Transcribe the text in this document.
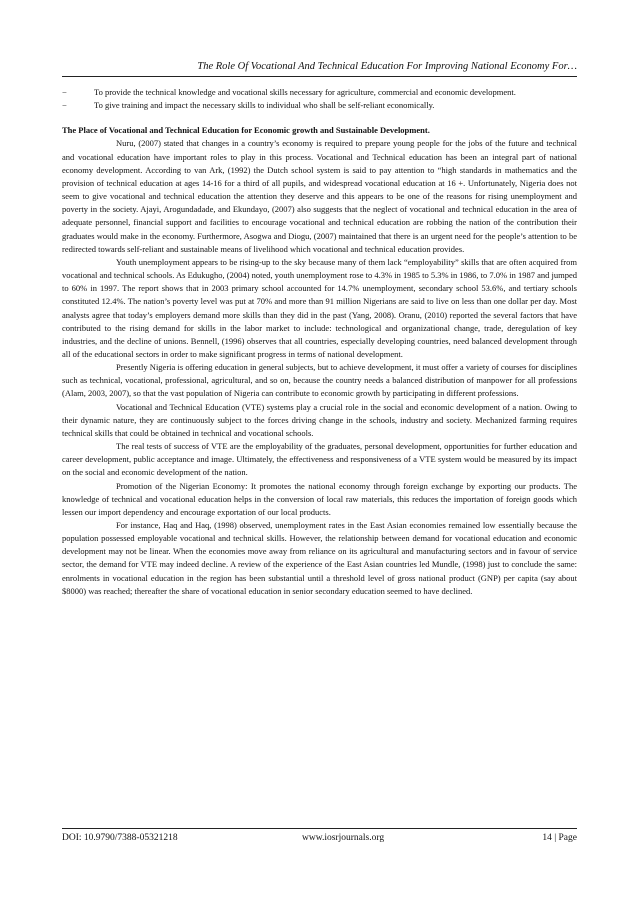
The Role Of Vocational And Technical Education For Improving National Economy For…
−	To provide the technical knowledge and vocational skills necessary for agriculture, commercial and economic development.
−	To give training and impact the necessary skills to individual who shall be self-reliant economically.
The Place of Vocational and Technical Education for Economic growth and Sustainable Development.

Nuru, (2007) stated that changes in a country’s economy is required to prepare young people for the jobs of the future and technical and vocational education have important roles to play in this process. Vocational and Technical education has been an integral part of national economy development. According to van Ark, (1992) the Dutch school system is said to pay attention to “high standards in mathematics and the provision of technical education at ages 14-16 for a third of all pupils, and widespread vocational education at 16 +. Unfortunately, Nigeria does not seem to give vocational and technical education the attention they deserve and this appears to be one of the reasons for rising unemployment and poverty in the society. Ajayi, Arogundadade, and Ekundayo, (2007) also suggests that the neglect of vocational and technical education in the area of adequate personnel, financial support and facilities to encourage vocational and technical education are robbing the nation of the contribution their graduates would make in the economy. Furthermore, Asogwa and Diogu, (2007) maintained that there is an urgent need for the people’s attention to be redirected towards self-reliant and sustainable means of livelihood which vocational and technical education provides.

Youth unemployment appears to be rising-up to the sky because many of them lack “employability” skills that are often acquired from vocational and technical schools. As Edukugho, (2004) noted, youth unemployment rose to 4.3% in 1985 to 5.3% in 1986, to 7.0% in 1987 and jumped to 60% in 1997. The report shows that in 2003 primary school accounted for 14.7% unemployment, secondary school 53.6%, and tertiary schools constituted 12.4%. The nation’s poverty level was put at 70% and more than 91 million Nigerians are said to live on less than one dollar per day. Most analysts agree that today’s employers demand more skills than they did in the past (Yang, 2008). Oranu, (2010) reported the several factors that have contributed to the rising demand for skills in the labor market to include: technological and organizational change, trade, deregulation of key industries, and the decline of unions. Bennell, (1996) observes that all countries, especially developing countries, need balanced development through all of the educational sectors in order to make significant progress in terms of national development.

Presently Nigeria is offering education in general subjects, but to achieve development, it must offer a variety of courses for disciplines such as technical, vocational, professional, agricultural, and so on, because the country needs a balanced distribution of manpower for all professions (Alam, 2003, 2007), so that the vast population of Nigeria can contribute to economic growth by participating in different professions.

Vocational and Technical Education (VTE) systems play a crucial role in the social and economic development of a nation. Owing to their dynamic nature, they are continuously subject to the forces driving change in the schools, industry and society. Mechanized farming requires technical skills that could be obtained in technical and vocational schools.

The real tests of success of VTE are the employability of the graduates, personal development, opportunities for further education and career development, public acceptance and image. Ultimately, the effectiveness and responsiveness of a VTE system would be measured by its impact on the social and economic development of the nation.

Promotion of the Nigerian Economy: It promotes the national economy through foreign exchange by exporting our products. The knowledge of technical and vocational education helps in the conversion of local raw materials, this reduces the importation of foreign goods which lessen our import dependency and encourage exportation of our local products.

For instance, Haq and Haq, (1998) observed, unemployment rates in the East Asian economies remained low essentially because the population possessed employable vocational and technical skills. However, the relationship between demand for vocational education and economic development may not be linear. When the economies move away from reliance on its agricultural and manufacturing sectors and in favour of service sector, the demand for VTE may indeed decline. A review of the experience of the East Asian countries led Mundle, (1998) just to conclude the same: enrolments in vocational education in the region has been substantial until a threshold level of gross national product (GNP) per capita (say about $8000) was reached; thereafter the share of vocational education in senior secondary education seemed to have declined.

DOI: 10.9790/7388-05321218	www.iosrjournals.org	14 | Page
